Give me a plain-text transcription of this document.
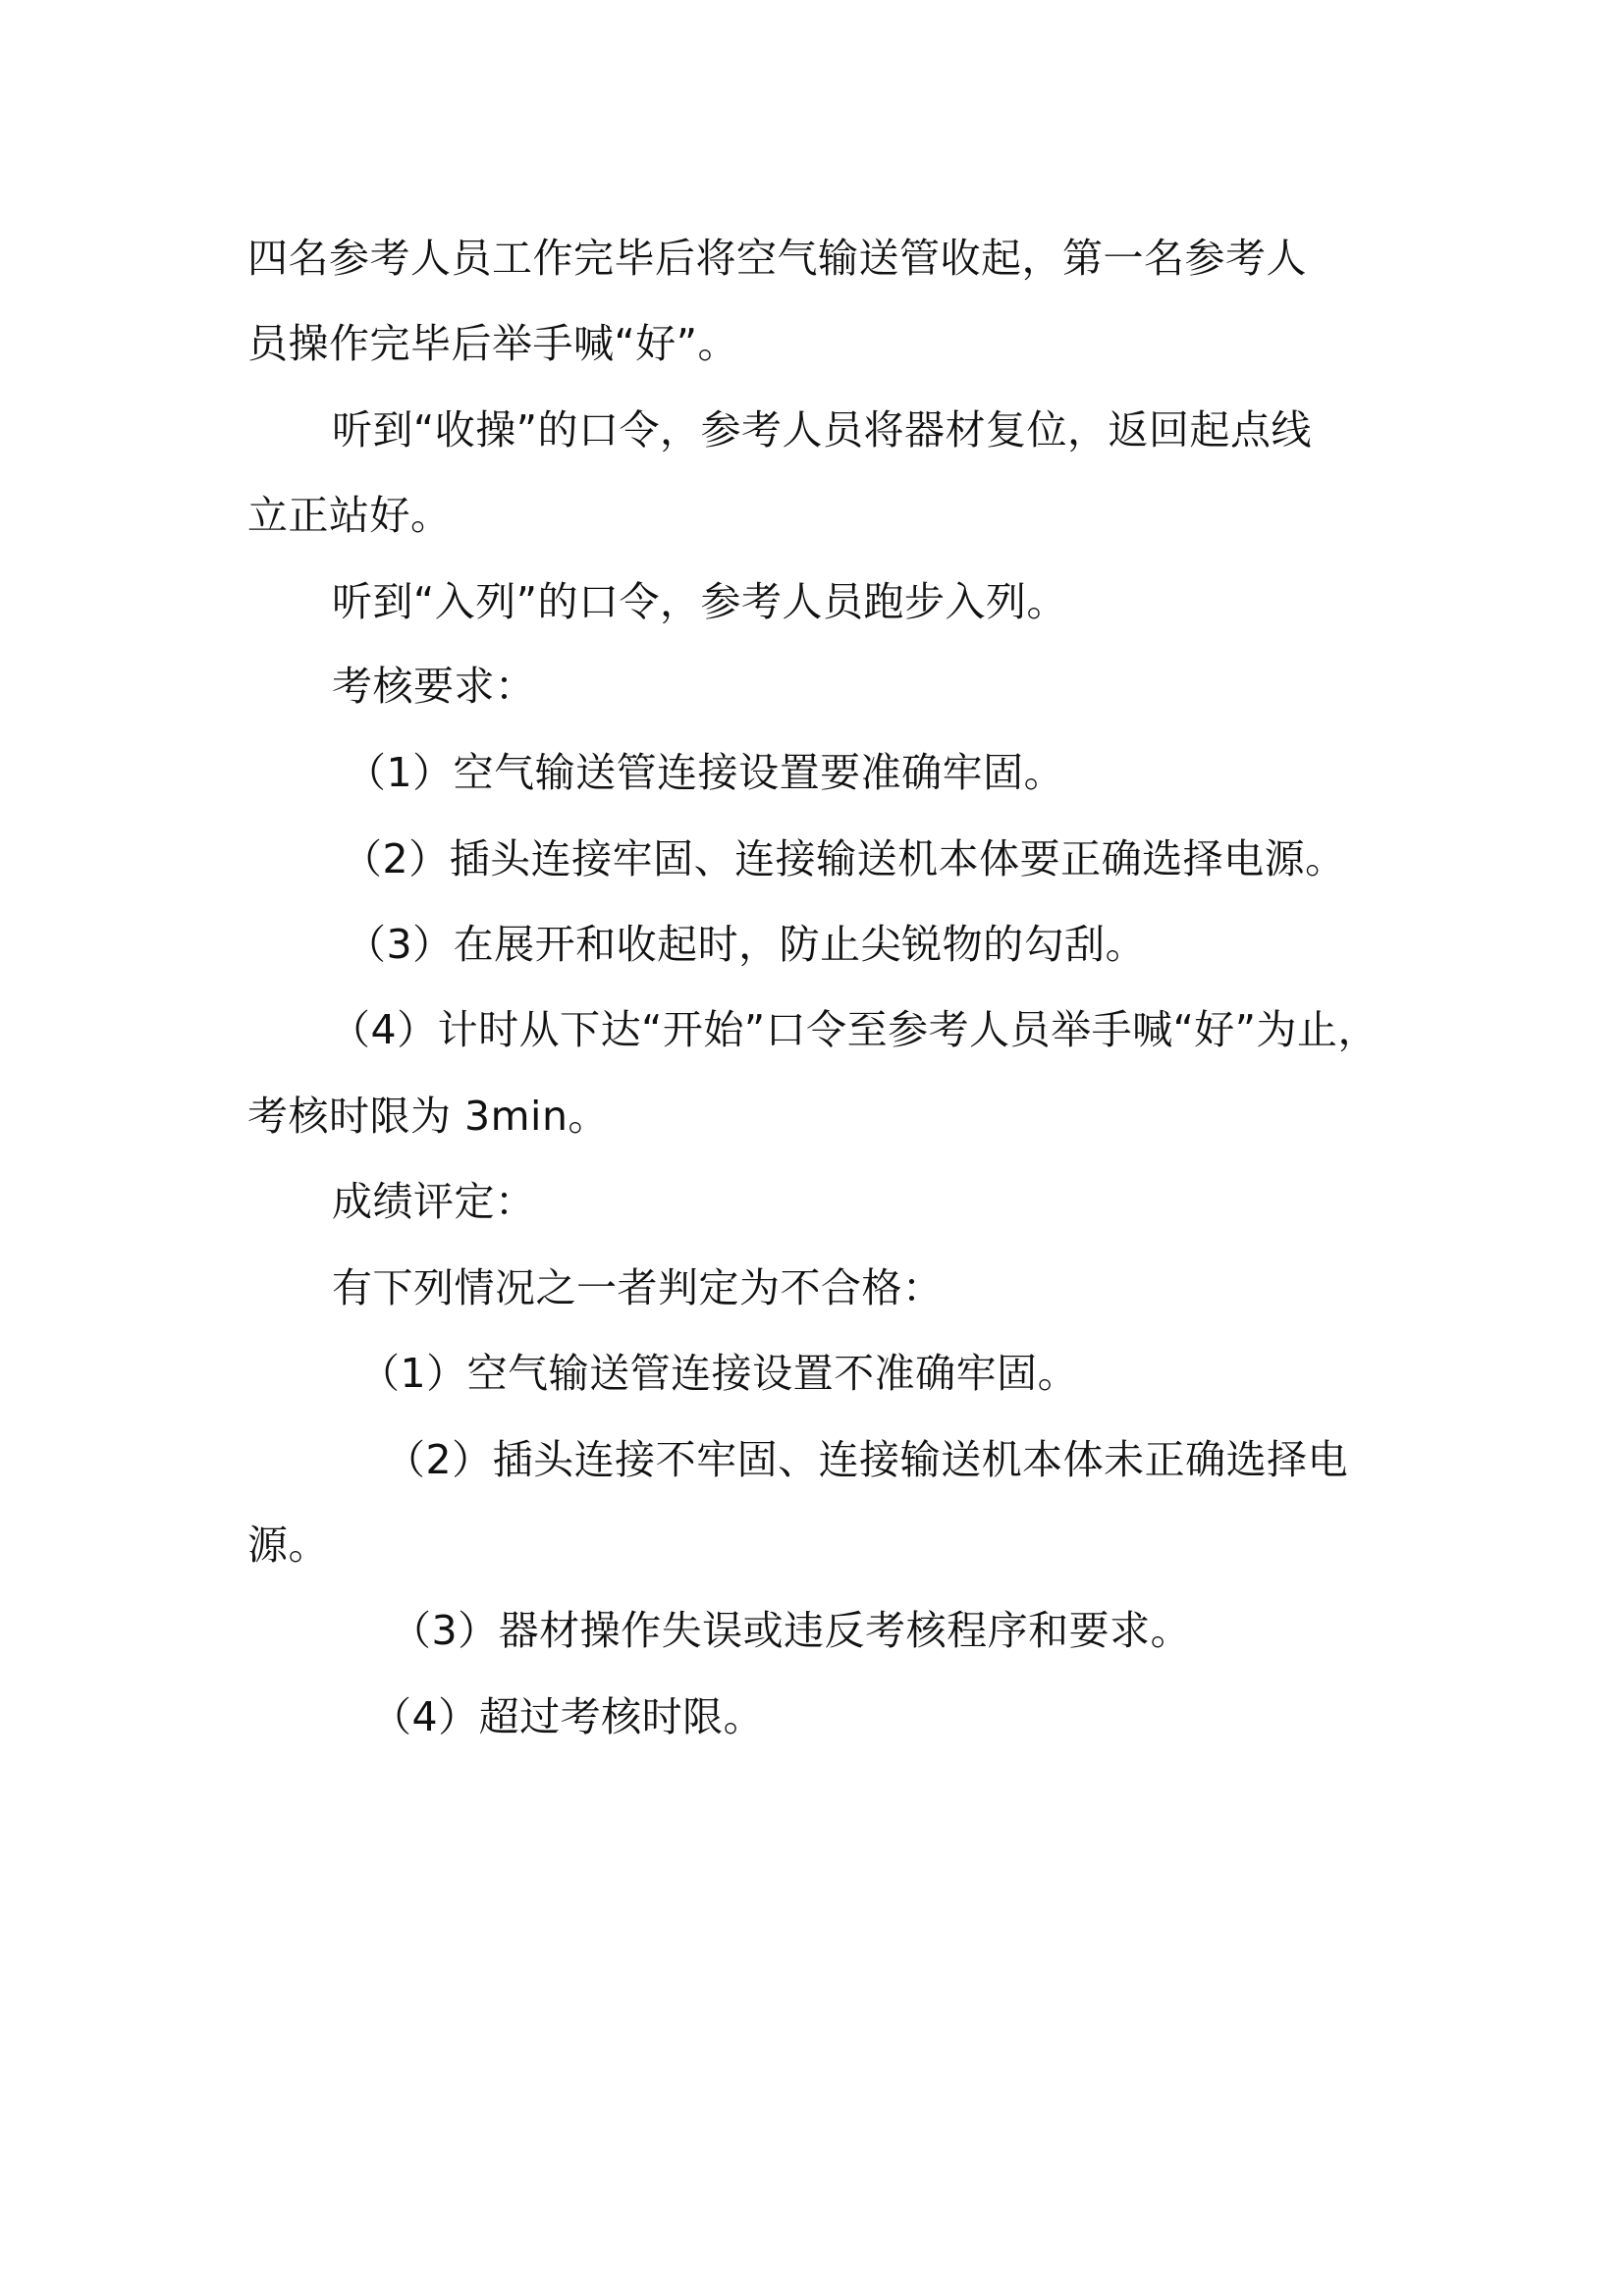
四名参考人员工作完毕后将空气输送管收起，第一名参考人
员操作完毕后举手喊“好”。
听到“收操”的口令，参考人员将器材复位，返回起点线
立正站好。
听到“入列”的口令，参考人员跑步入列。
考核要求：
（1）空气输送管连接设置要准确牢固。
（2）插头连接牢固、连接输送机本体要正确选择电源。
（3）在展开和收起时，防止尖锐物的勾刮。
（4）计时从下达“开始”口令至参考人员举手喊“好”为止，
考核时限为 3min。
成绩评定：
有下列情况之一者判定为不合格：
（1）空气输送管连接设置不准确牢固。
（2）插头连接不牢固、连接输送机本体未正确选择电
源。
（3）器材操作失误或违反考核程序和要求。
（4）超过考核时限。
